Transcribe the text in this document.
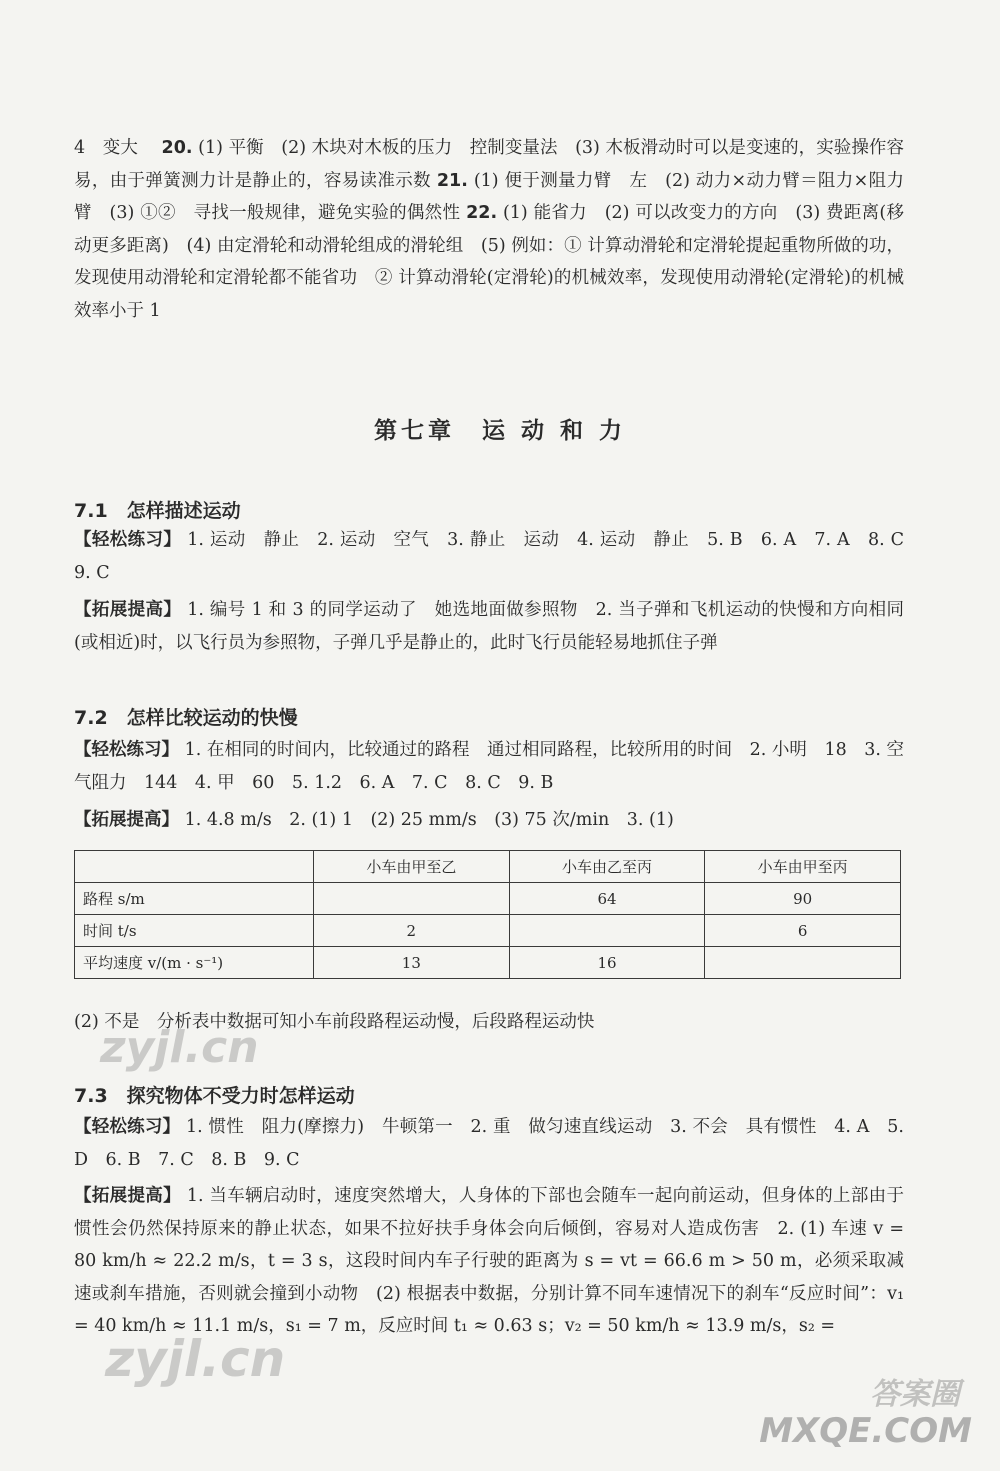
4　变大 20. (1) 平衡　(2) 木块对木板的压力　控制变量法　(3) 木板滑动时可以是变速的，实验操作容易，由于弹簧测力计是静止的，容易读准示数 21. (1) 便于测量力臂　左　(2) 动力×动力臂＝阻力×阻力臂　(3) ①②　寻找一般规律，避免实验的偶然性 22. (1) 能省力　(2) 可以改变力的方向　(3) 费距离(移动更多距离)　(4) 由定滑轮和动滑轮组成的滑轮组　(5) 例如：① 计算动滑轮和定滑轮提起重物所做的功，发现使用动滑轮和定滑轮都不能省功　② 计算动滑轮(定滑轮)的机械效率，发现使用动滑轮(定滑轮)的机械效率小于 1

第七章　运 动 和 力
7.1　怎样描述运动

【轻松练习】 1. 运动　静止　2. 运动　空气　3. 静止　运动　4. 运动　静止　5. B　6. A　7. A　8. C　9. C

【拓展提高】 1. 编号 1 和 3 的同学运动了　她选地面做参照物　2. 当子弹和飞机运动的快慢和方向相同(或相近)时，以飞行员为参照物，子弹几乎是静止的，此时飞行员能轻易地抓住子弹

7.2　怎样比较运动的快慢

【轻松练习】 1. 在相同的时间内，比较通过的路程　通过相同路程，比较所用的时间　2. 小明　18　3. 空气阻力　144　4. 甲　60　5. 1.2　6. A　7. C　8. C　9. B

【拓展提高】 1. 4.8 m/s　2. (1) 1　(2) 25 mm/s　(3) 75 次/min　3. (1)

	小车由甲至乙	小车由乙至丙	小车由甲至丙
路程 s/m		64	90
时间 t/s	2		6
平均速度 v/(m · s⁻¹)	13	16	

(2) 不是　分析表中数据可知小车前段路程运动慢，后段路程运动快

7.3　探究物体不受力时怎样运动

【轻松练习】 1. 惯性　阻力(摩擦力)　牛顿第一　2. 重　做匀速直线运动　3. 不会　具有惯性　4. A　5. D　6. B　7. C　8. B　9. C

【拓展提高】 1. 当车辆启动时，速度突然增大，人身体的下部也会随车一起向前运动，但身体的上部由于惯性会仍然保持原来的静止状态，如果不拉好扶手身体会向后倾倒，容易对人造成伤害　2. (1) 车速 v = 80 km/h ≈ 22.2 m/s，t = 3 s，这段时间内车子行驶的距离为 s = vt = 66.6 m > 50 m，必须采取减速或刹车措施，否则就会撞到小动物　(2) 根据表中数据，分别计算不同车速情况下的刹车“反应时间”：v₁ = 40 km/h ≈ 11.1 m/s，s₁ = 7 m，反应时间 t₁ ≈ 0.63 s；v₂ = 50 km/h ≈ 13.9 m/s，s₂ =

zyjl.cn
zyjl.cn
答案圈
MXQE.COM
